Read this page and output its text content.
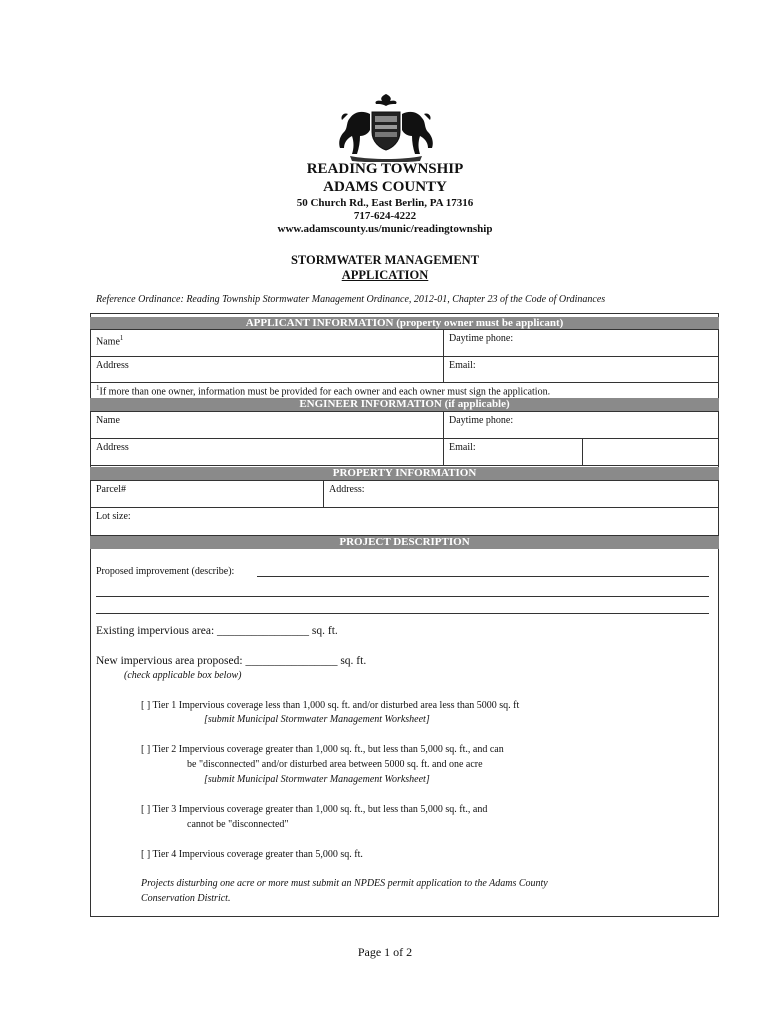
READING TOWNSHIP
ADAMS COUNTY
50 Church Rd., East Berlin, PA 17316
717-624-4222
www.adamscounty.us/munic/readingtownship
STORMWATER MANAGEMENT
APPLICATION
Reference Ordinance: Reading Township Stormwater Management Ordinance, 2012-01, Chapter 23 of the Code of Ordinances
APPLICANT INFORMATION (property owner must be applicant)
Name$^1$	Daytime phone:
Address	Email:
$^1$If more than one owner, information must be provided for each owner and each owner must sign the application.
ENGINEER INFORMATION (if applicable)
Name	Daytime phone:
Address	Email:
PROPERTY INFORMATION
Parcel#	Address:
Lot size:
PROJECT DESCRIPTION
Proposed improvement (describe):
Existing impervious area: ________________ sq. ft.
New impervious area proposed: ________________ sq. ft.
(check applicable box below)
[ ] Tier 1 Impervious coverage less than 1,000 sq. ft. and/or disturbed area less than 5000 sq. ft
[submit Municipal Stormwater Management Worksheet]
[ ] Tier 2 Impervious coverage greater than 1,000 sq. ft., but less than 5,000 sq. ft., and can
be "disconnected" and/or disturbed area between 5000 sq. ft. and one acre
[submit Municipal Stormwater Management Worksheet]
[ ] Tier 3 Impervious coverage greater than 1,000 sq. ft., but less than 5,000 sq. ft., and
cannot be "disconnected"
[ ] Tier 4 Impervious coverage greater than 5,000 sq. ft.
Projects disturbing one acre or more must submit an NPDES permit application to the Adams County
Conservation District.
Page 1 of 2
